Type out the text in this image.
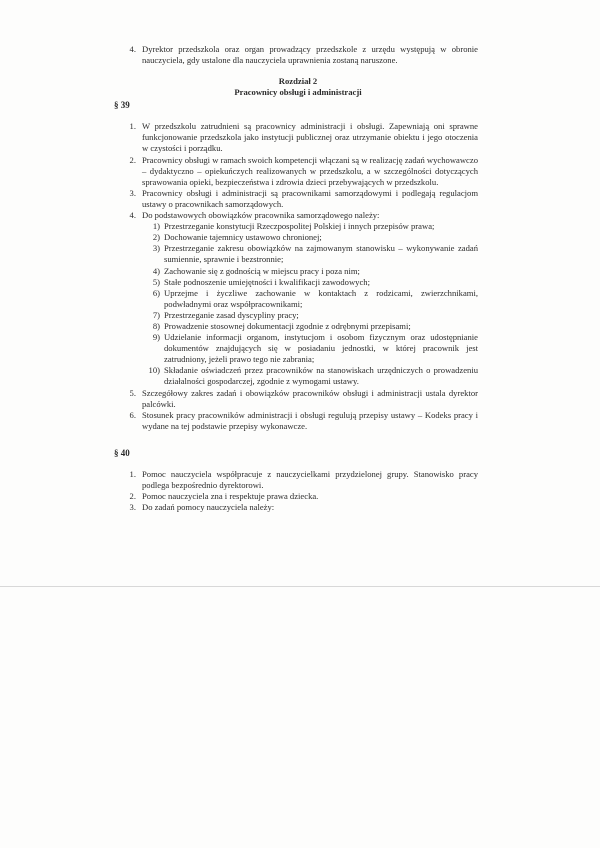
4. Dyrektor przedszkola oraz organ prowadzący przedszkole z urzędu występują w obronie nauczyciela, gdy ustalone dla nauczyciela uprawnienia zostaną naruszone.
Rozdział 2
Pracownicy obsługi i administracji
§ 39
1. W przedszkolu zatrudnieni są pracownicy administracji i obsługi. Zapewniają oni sprawne funkcjonowanie przedszkola jako instytucji publicznej oraz utrzymanie obiektu i jego otoczenia w czystości i porządku.
2. Pracownicy obsługi w ramach swoich kompetencji włączani są w realizację zadań wychowawczo – dydaktyczno – opiekuńczych realizowanych w przedszkolu, a w szczególności dotyczących sprawowania opieki, bezpieczeństwa i zdrowia dzieci przebywających w przedszkolu.
3. Pracownicy obsługi i administracji są pracownikami samorządowymi i podlegają regulacjom ustawy o pracownikach samorządowych.
4. Do podstawowych obowiązków pracownika samorządowego należy:
1) Przestrzeganie konstytucji Rzeczpospolitej Polskiej i innych przepisów prawa;
2) Dochowanie tajemnicy ustawowo chronionej;
3) Przestrzeganie zakresu obowiązków na zajmowanym stanowisku – wykonywanie zadań sumiennie, sprawnie i bezstronnie;
4) Zachowanie się z godnością w miejscu pracy i poza nim;
5) Stałe podnoszenie umiejętności i kwalifikacji zawodowych;
6) Uprzejme i życzliwe zachowanie w kontaktach z rodzicami, zwierzchnikami, podwładnymi oraz współpracownikami;
7) Przestrzeganie zasad dyscypliny pracy;
8) Prowadzenie stosownej dokumentacji zgodnie z odrębnymi przepisami;
9) Udzielanie informacji organom, instytucjom i osobom fizycznym oraz udostępnianie dokumentów znajdujących się w posiadaniu jednostki, w której pracownik jest zatrudniony, jeżeli prawo tego nie zabrania;
10) Składanie oświadczeń przez pracowników na stanowiskach urzędniczych o prowadzeniu działalności gospodarczej, zgodnie z wymogami ustawy.
5. Szczegółowy zakres zadań i obowiązków pracowników obsługi i administracji ustala dyrektor palcówki.
6. Stosunek pracy pracowników administracji i obsługi regulują przepisy ustawy – Kodeks pracy i wydane na tej podstawie przepisy wykonawcze.
§ 40
1. Pomoc nauczyciela współpracuje z nauczycielkami przydzielonej grupy. Stanowisko pracy podlega bezpośrednio dyrektorowi.
2. Pomoc nauczyciela zna i respektuje prawa dziecka.
3. Do zadań pomocy nauczyciela należy:
